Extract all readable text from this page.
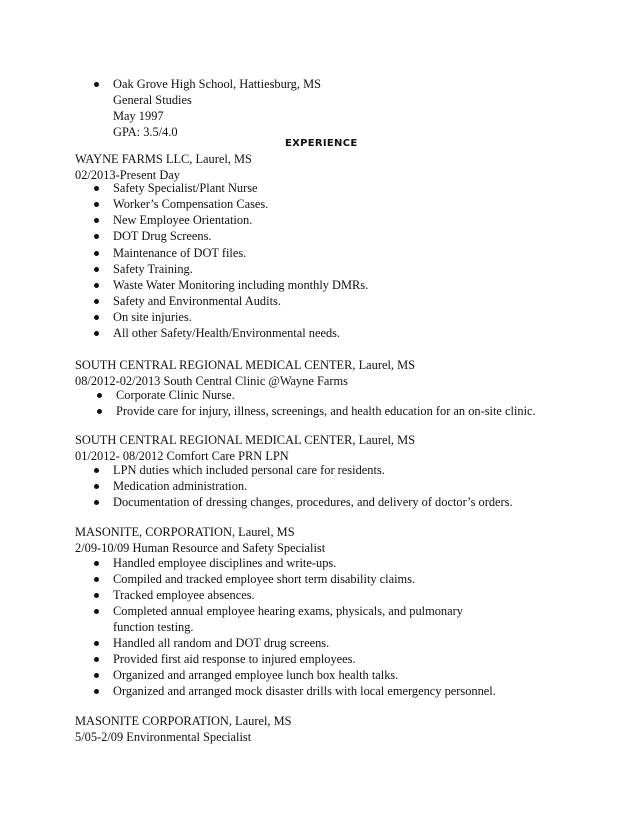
Oak Grove High School, Hattiesburg, MS
General Studies
May 1997
GPA: 3.5/4.0
EXPERIENCE
WAYNE FARMS LLC, Laurel, MS
02/2013-Present Day
Safety Specialist/Plant Nurse
Worker’s Compensation Cases.
New Employee Orientation.
DOT Drug Screens.
Maintenance of DOT files.
Safety Training.
Waste Water Monitoring including monthly DMRs.
Safety and Environmental Audits.
On site injuries.
All other Safety/Health/Environmental needs.
SOUTH CENTRAL REGIONAL MEDICAL CENTER, Laurel, MS
08/2012-02/2013 South Central Clinic @Wayne Farms
Corporate Clinic Nurse.
Provide care for injury, illness, screenings, and health education for an on-site clinic.
SOUTH CENTRAL REGIONAL MEDICAL CENTER, Laurel, MS
01/2012- 08/2012 Comfort Care PRN LPN
LPN duties which included personal care for residents.
Medication administration.
Documentation of dressing changes, procedures, and delivery of doctor’s orders.
MASONITE, CORPORATION, Laurel, MS
2/09-10/09 Human Resource and Safety Specialist
Handled employee disciplines and write-ups.
Compiled and tracked employee short term disability claims.
Tracked employee absences.
Completed annual employee hearing exams, physicals, and pulmonary
function testing.
Handled all random and DOT drug screens.
Provided first aid response to injured employees.
Organized and arranged employee lunch box health talks.
Organized and arranged mock disaster drills with local emergency personnel.
MASONITE CORPORATION, Laurel, MS
5/05-2/09 Environmental Specialist
